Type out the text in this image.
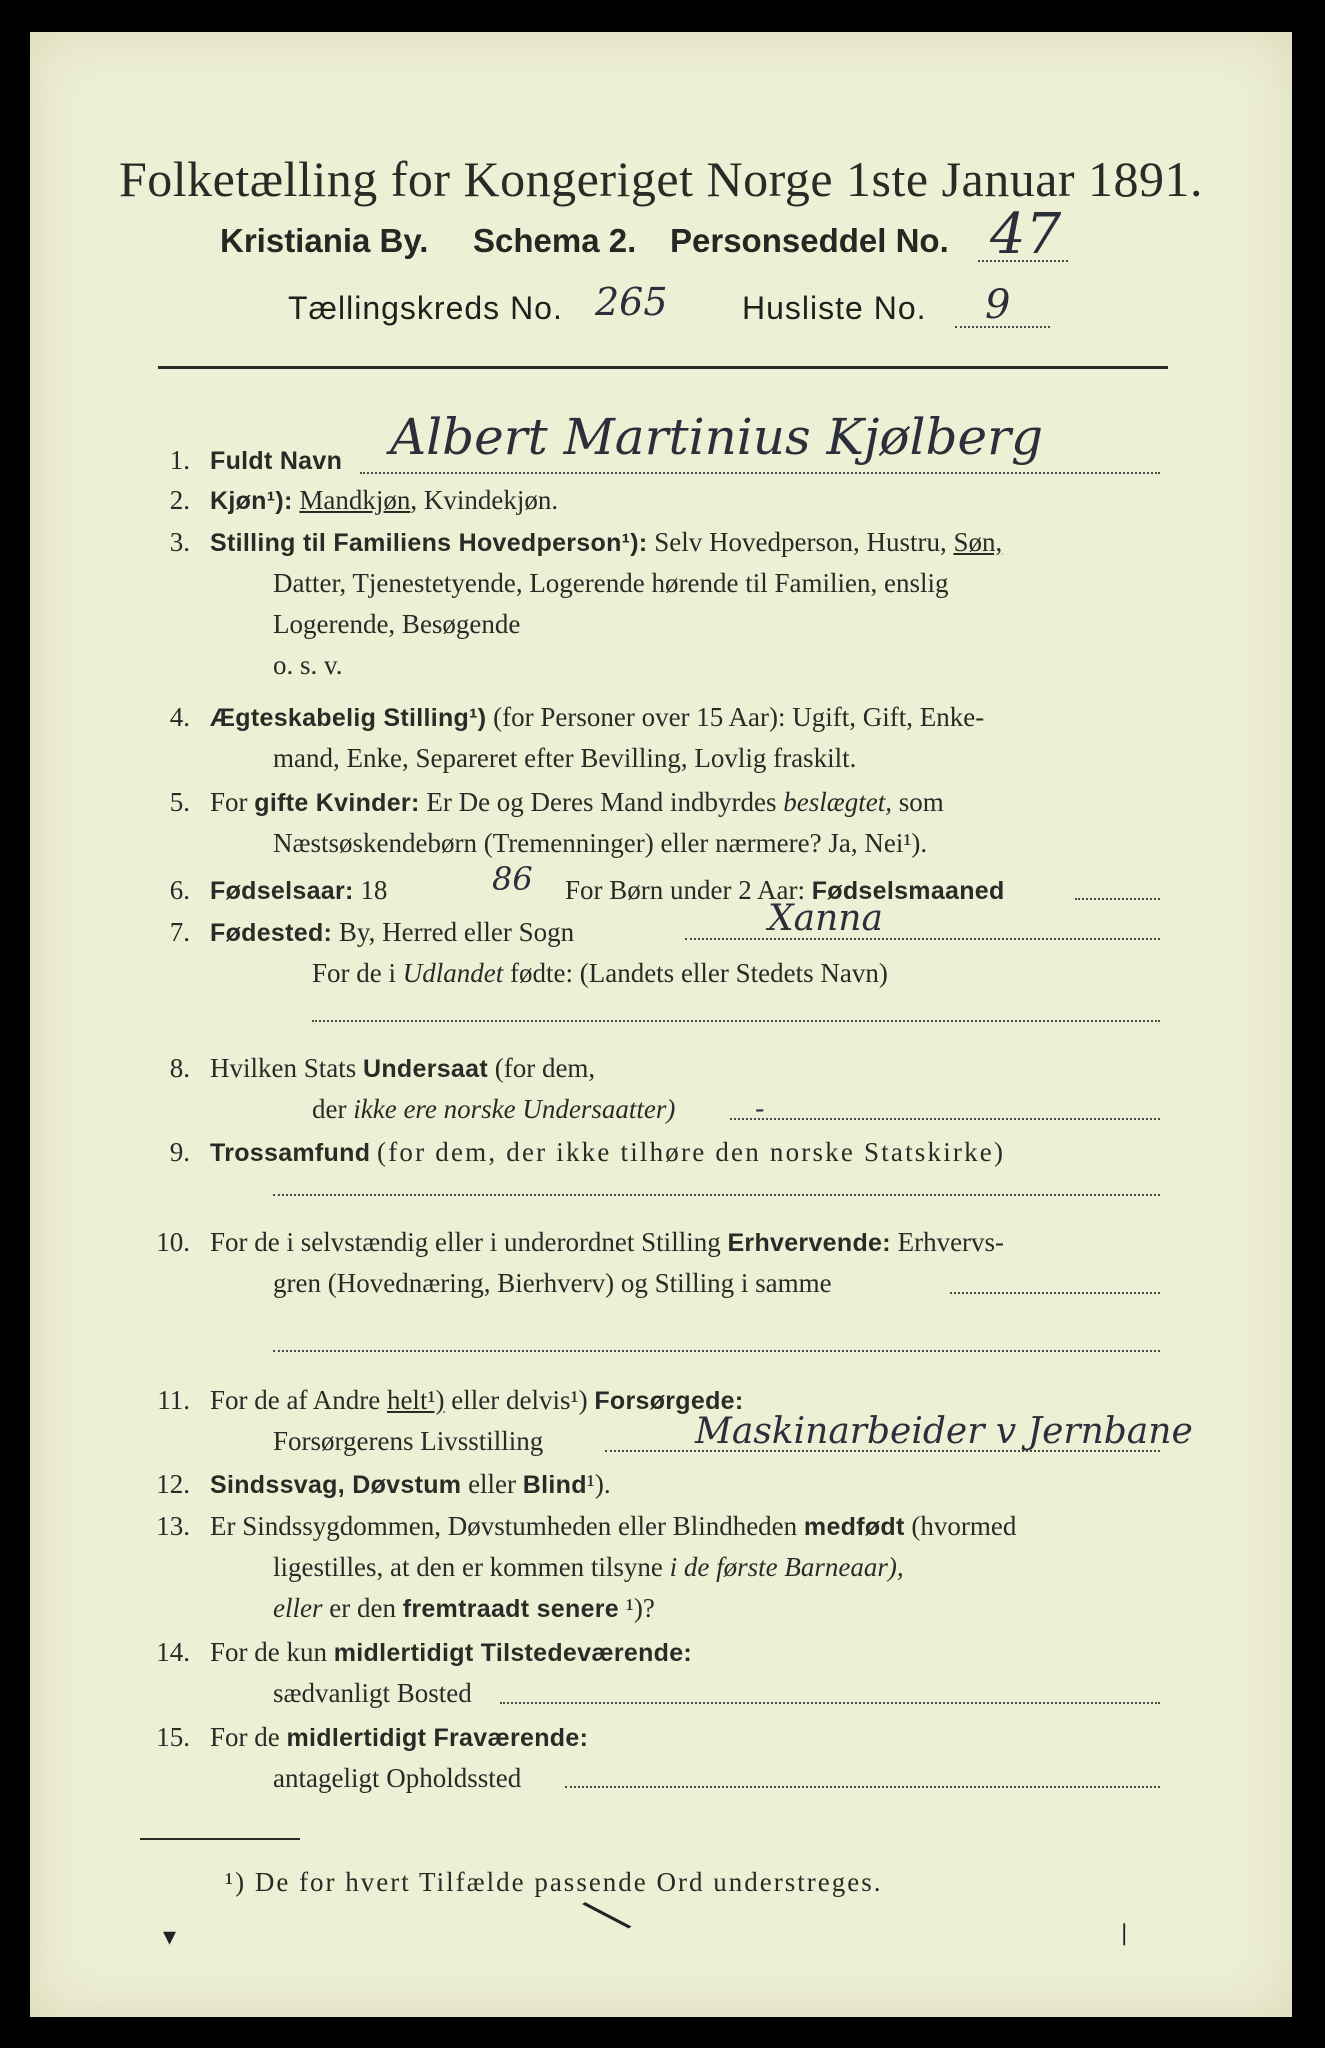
Folketælling for Kongeriget Norge 1ste Januar 1891.
Kristiania By. Schema 2. Personseddel No. 47
Tællingskreds No. 265 Husliste No. 9
1. Fuldt Navn Albert Martinius Kjølberg
2. Kjøn¹): Mandkjøn, Kvindekjøn.
3. Stilling til Familiens Hovedperson¹): Selv Hovedperson, Hustru, Søn,
Datter, Tjenestetyende, Logerende hørende til Familien, enslig
Logerende, Besøgende
o. s. v.
4. Ægteskabelig Stilling¹) (for Personer over 15 Aar): Ugift, Gift, Enke-
mand, Enke, Separeret efter Bevilling, Lovlig fraskilt.
5. For gifte Kvinder: Er De og Deres Mand indbyrdes beslægtet, som
Næstsøskendebørn (Tremenninger) eller nærmere? Ja, Nei¹).
6. Fødselsaar: 18	86 For Børn under 2 Aar: Fødselsmaaned
7. Fødested: By, Herred eller Sogn	Xanna
For de i Udlandet fødte: (Landets eller Stedets Navn)
8. Hvilken Stats Undersaat (for dem,
der ikke ere norske Undersaatter)	-
9. Trossamfund (for dem, der ikke tilhøre den norske Statskirke)
10. For de i selvstændig eller i underordnet Stilling Erhvervende: Erhvervs-
gren (Hovednæring, Bierhverv) og Stilling i samme
11. For de af Andre helt¹) eller delvis¹) Forsørgede:
Forsørgerens Livsstilling	Maskinarbeider v Jernbane
12. Sindssvag, Døvstum eller Blind¹).
13. Er Sindssygdommen, Døvstumheden eller Blindheden medfødt (hvormed
ligestilles, at den er kommen tilsyne i de første Barneaar),
eller er den fremtraadt senere ¹)?
14. For de kun midlertidigt Tilstedeværende:
sædvanligt Bosted
15. For de midlertidigt Fraværende:
antageligt Opholdssted
¹) De for hvert Tilfælde passende Ord understreges.
╲
▾	❘
